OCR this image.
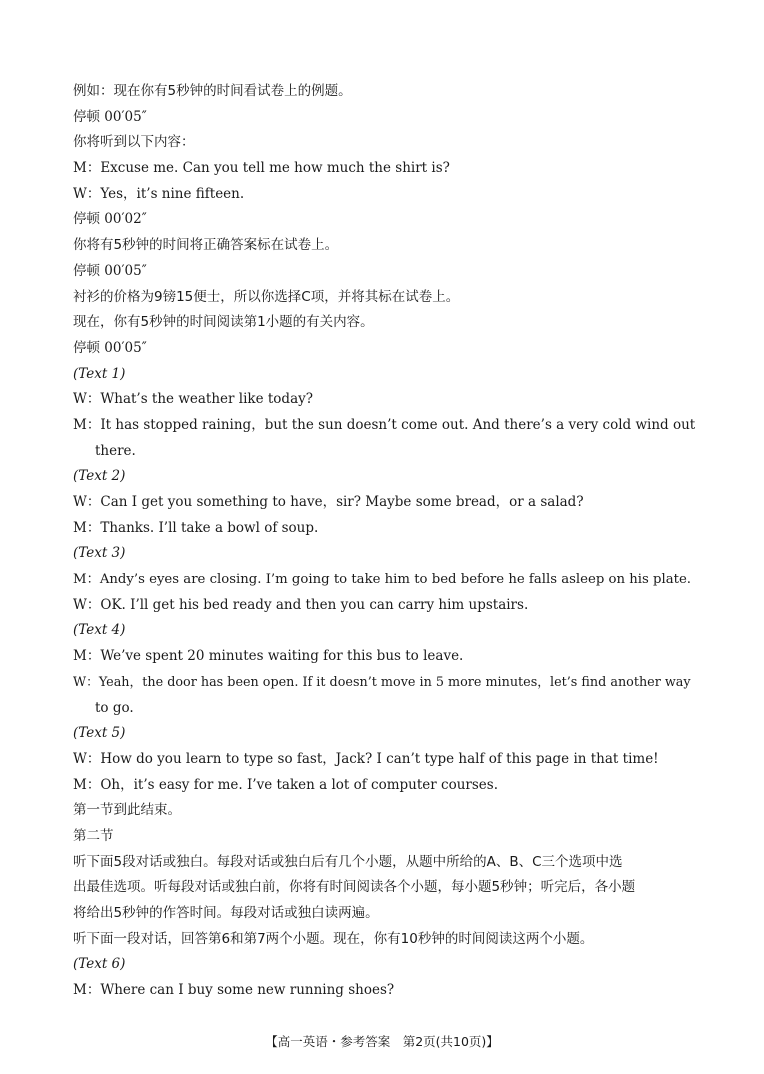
例如：现在你有5秒钟的时间看试卷上的例题。
停顿 00′05″
你将听到以下内容：
M：Excuse me. Can you tell me how much the shirt is?
W：Yes，it’s nine fifteen.
停顿 00′02″
你将有5秒钟的时间将正确答案标在试卷上。
停顿 00′05″
衬衫的价格为9镑15便士，所以你选择C项，并将其标在试卷上。
现在，你有5秒钟的时间阅读第1小题的有关内容。
停顿 00′05″
(Text 1)
W：What’s the weather like today?
M：It has stopped raining，but the sun doesn’t come out. And there’s a very cold wind out
there.
(Text 2)
W：Can I get you something to have，sir? Maybe some bread，or a salad?
M：Thanks. I’ll take a bowl of soup.
(Text 3)
M：Andy’s eyes are closing. I’m going to take him to bed before he falls asleep on his plate.
W：OK. I’ll get his bed ready and then you can carry him upstairs.
(Text 4)
M：We’ve spent 20 minutes waiting for this bus to leave.
W：Yeah，the door has been open. If it doesn’t move in 5 more minutes，let’s find another way
to go.
(Text 5)
W：How do you learn to type so fast，Jack? I can’t type half of this page in that time!
M：Oh，it’s easy for me. I’ve taken a lot of computer courses.
第一节到此结束。
第二节
听下面5段对话或独白。每段对话或独白后有几个小题，从题中所给的A、B、C三个选项中选
出最佳选项。听每段对话或独白前，你将有时间阅读各个小题，每小题5秒钟；听完后，各小题
将给出5秒钟的作答时间。每段对话或独白读两遍。
听下面一段对话，回答第6和第7两个小题。现在，你有10秒钟的时间阅读这两个小题。
(Text 6)
M：Where can I buy some new running shoes?
【高一英语・参考答案　第2页(共10页)】
